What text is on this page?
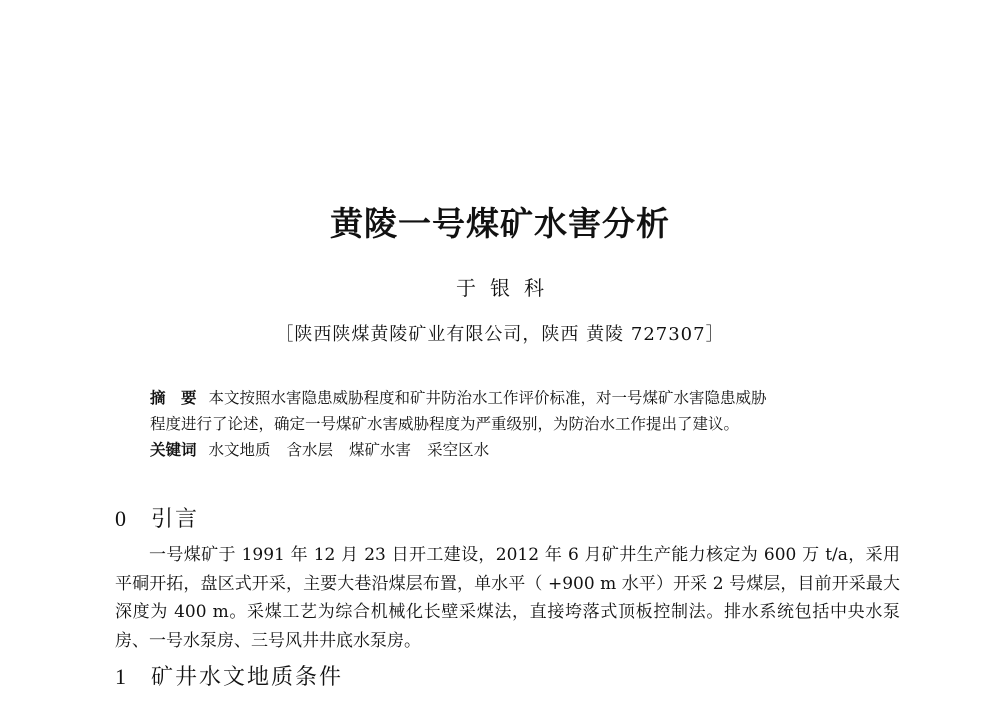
黄陵一号煤矿水害分析
于银科
［陕西陕煤黄陵矿业有限公司，陕西 黄陵 727307］
摘　要 本文按照水害隐患威胁程度和矿井防治水工作评价标准，对一号煤矿水害隐患威胁
程度进行了论述，确定一号煤矿水害威胁程度为严重级别，为防治水工作提出了建议。
关键词 水文地质 含水层 煤矿水害 采空区水
0 引言
一号煤矿于 1991 年 12 月 23 日开工建设，2012 年 6 月矿井生产能力核定为 600 万 t/a，采用平硐开拓，盘区式开采，主要大巷沿煤层布置，单水平（ +900 m 水平）开采 2 号煤层，目前开采最大深度为 400 m。采煤工艺为综合机械化长壁采煤法，直接垮落式顶板控制法。排水系统包括中央水泵房、一号水泵房、三号风井井底水泵房。
1 矿井水文地质条件
